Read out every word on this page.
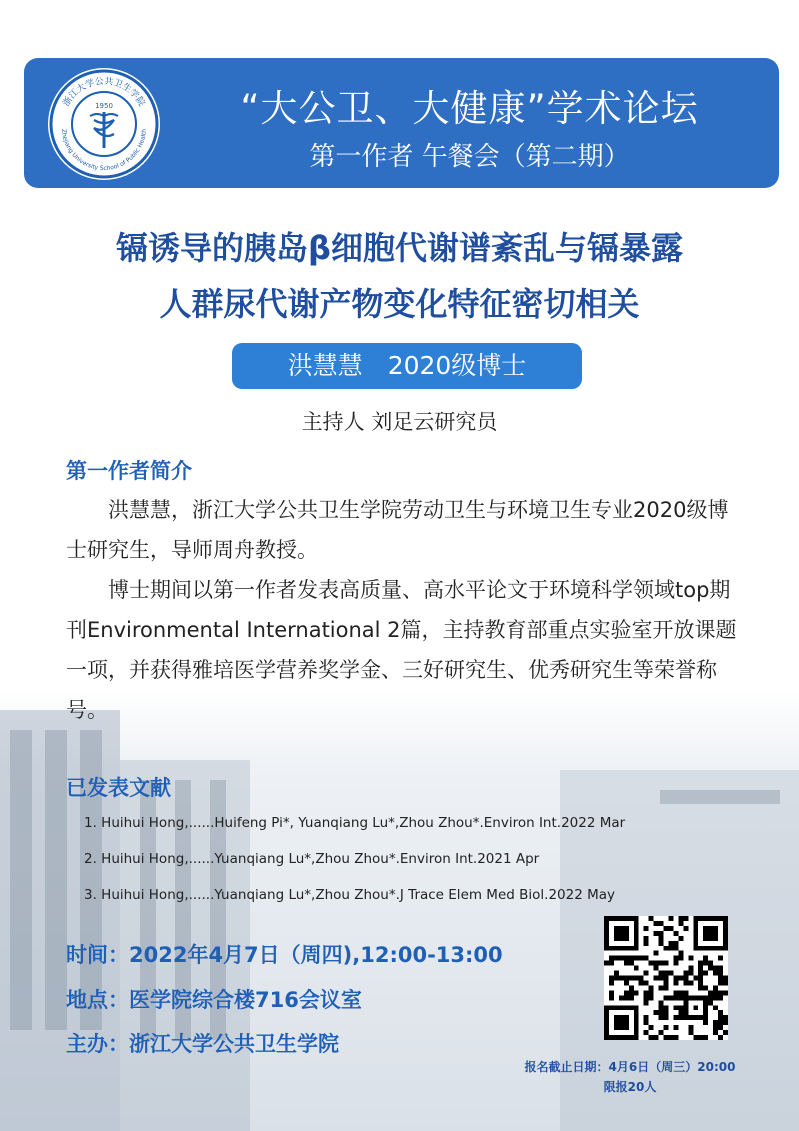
浙江大学公共卫生学院
Zhejiang University School of Public Health
1950	“大公卫、大健康”学术论坛
第一作者 午餐会（第二期）
镉诱导的胰岛β细胞代谢谱紊乱与镉暴露
人群尿代谢产物变化特征密切相关
洪慧慧　2020级博士
主持人 刘足云研究员
第一作者简介

洪慧慧，浙江大学公共卫生学院劳动卫生与环境卫生专业2020级博士研究生，导师周舟教授。

博士期间以第一作者发表高质量、高水平论文于环境科学领域top期刊Environmental International 2篇，主持教育部重点实验室开放课题一项，并获得雅培医学营养奖学金、三好研究生、优秀研究生等荣誉称号。

已发表文献
1. Huihui Hong,......Huifeng Pi*, Yuanqiang Lu*,Zhou Zhou*.Environ Int.2022 Mar
2. Huihui Hong,......Yuanqiang Lu*,Zhou Zhou*.Environ Int.2021 Apr
3. Huihui Hong,......Yuanqiang Lu*,Zhou Zhou*.J Trace Elem Med Biol.2022 May
时间：2022年4月7日（周四),12:00-13:00
地点：医学院综合楼716会议室
主办：浙江大学公共卫生学院
报名截止日期：4月6日（周三）20:00
限报20人
